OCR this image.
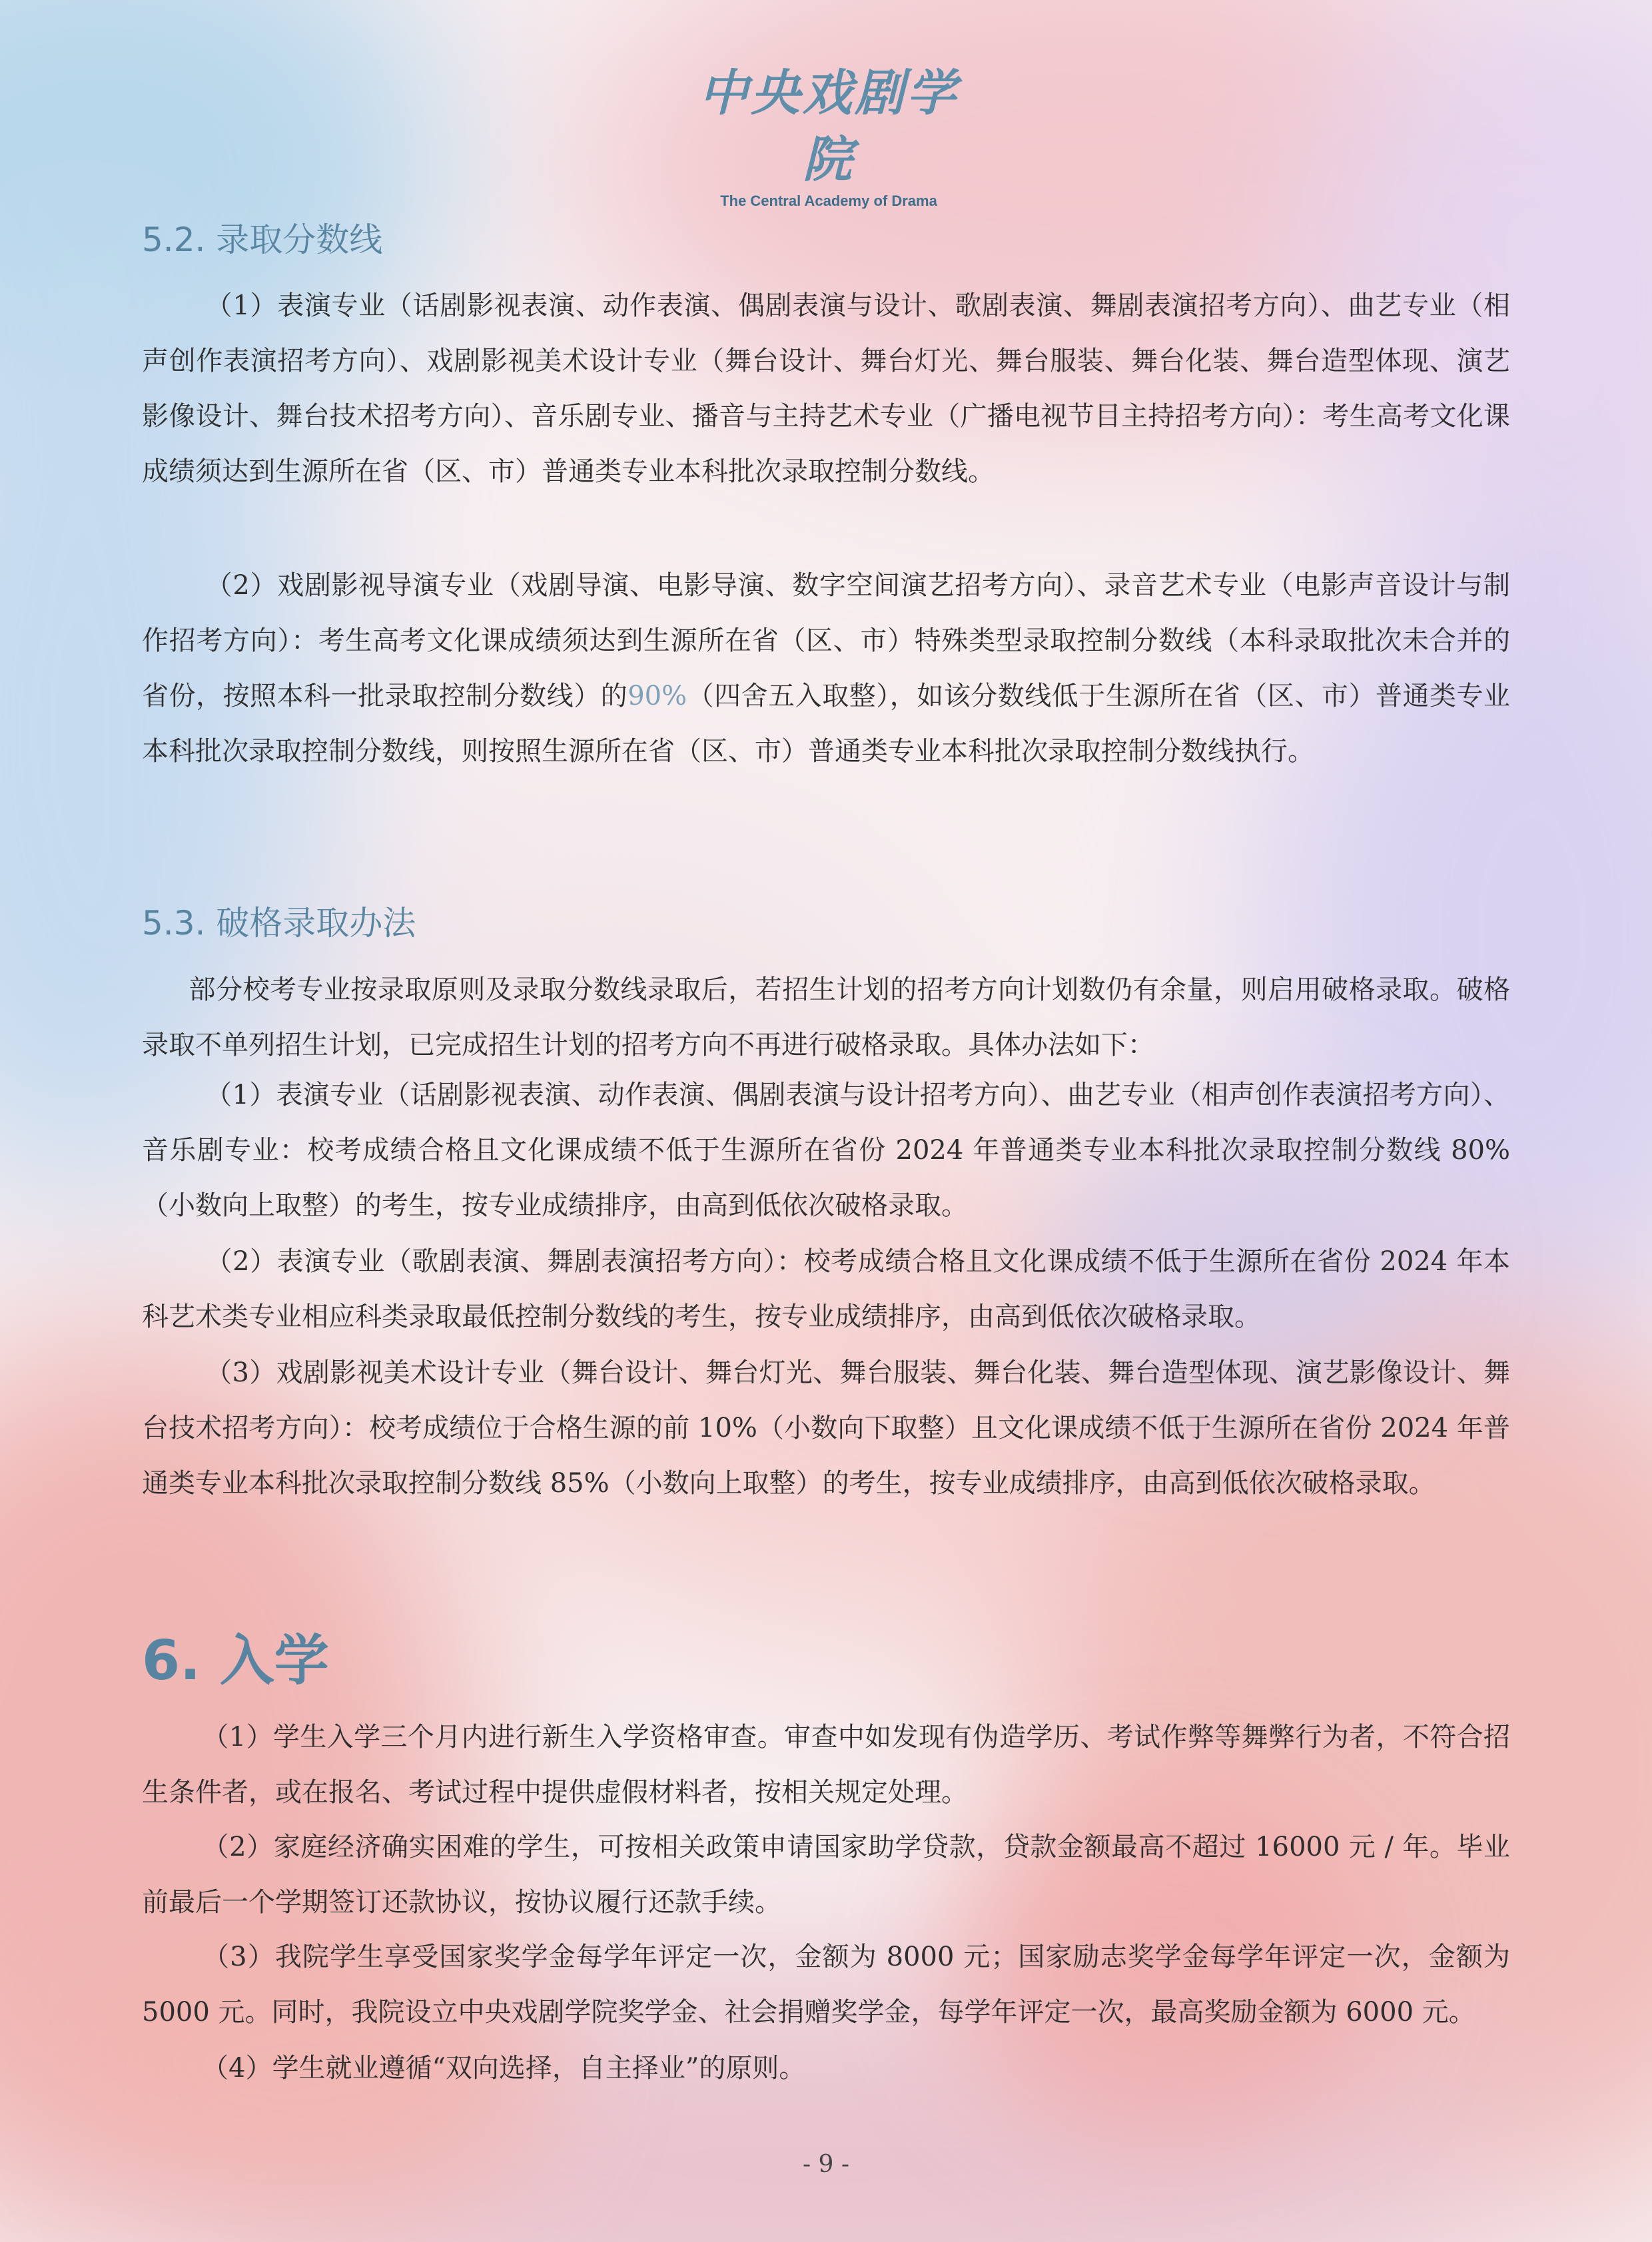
中央戏剧学院
The Central Academy of Drama
5.2. 录取分数线
（1）表演专业（话剧影视表演、动作表演、偶剧表演与设计、歌剧表演、舞剧表演招考方向）、曲艺专业（相声创作表演招考方向）、戏剧影视美术设计专业（舞台设计、舞台灯光、舞台服装、舞台化装、舞台造型体现、演艺影像设计、舞台技术招考方向）、音乐剧专业、播音与主持艺术专业（广播电视节目主持招考方向）：考生高考文化课成绩须达到生源所在省（区、市）普通类专业本科批次录取控制分数线。
（2）戏剧影视导演专业（戏剧导演、电影导演、数字空间演艺招考方向）、录音艺术专业（电影声音设计与制作招考方向）：考生高考文化课成绩须达到生源所在省（区、市）特殊类型录取控制分数线（本科录取批次未合并的省份，按照本科一批录取控制分数线）的90%（四舍五入取整），如该分数线低于生源所在省（区、市）普通类专业本科批次录取控制分数线，则按照生源所在省（区、市）普通类专业本科批次录取控制分数线执行。
5.3. 破格录取办法
部分校考专业按录取原则及录取分数线录取后，若招生计划的招考方向计划数仍有余量，则启用破格录取。破格录取不单列招生计划，已完成招生计划的招考方向不再进行破格录取。具体办法如下：
（1）表演专业（话剧影视表演、动作表演、偶剧表演与设计招考方向）、曲艺专业（相声创作表演招考方向）、音乐剧专业：校考成绩合格且文化课成绩不低于生源所在省份 2024 年普通类专业本科批次录取控制分数线 80%（小数向上取整）的考生，按专业成绩排序，由高到低依次破格录取。
（2）表演专业（歌剧表演、舞剧表演招考方向）：校考成绩合格且文化课成绩不低于生源所在省份 2024 年本科艺术类专业相应科类录取最低控制分数线的考生，按专业成绩排序，由高到低依次破格录取。
（3）戏剧影视美术设计专业（舞台设计、舞台灯光、舞台服装、舞台化装、舞台造型体现、演艺影像设计、舞台技术招考方向）：校考成绩位于合格生源的前 10%（小数向下取整）且文化课成绩不低于生源所在省份 2024 年普通类专业本科批次录取控制分数线 85%（小数向上取整）的考生，按专业成绩排序，由高到低依次破格录取。
6. 入学
（1）学生入学三个月内进行新生入学资格审查。审查中如发现有伪造学历、考试作弊等舞弊行为者，不符合招生条件者，或在报名、考试过程中提供虚假材料者，按相关规定处理。
（2）家庭经济确实困难的学生，可按相关政策申请国家助学贷款，贷款金额最高不超过 16000 元 / 年。毕业前最后一个学期签订还款协议，按协议履行还款手续。
（3）我院学生享受国家奖学金每学年评定一次，金额为 8000 元；国家励志奖学金每学年评定一次，金额为 5000 元。同时，我院设立中央戏剧学院奖学金、社会捐赠奖学金，每学年评定一次，最高奖励金额为 6000 元。
（4）学生就业遵循“双向选择，自主择业”的原则。
- 9 -
